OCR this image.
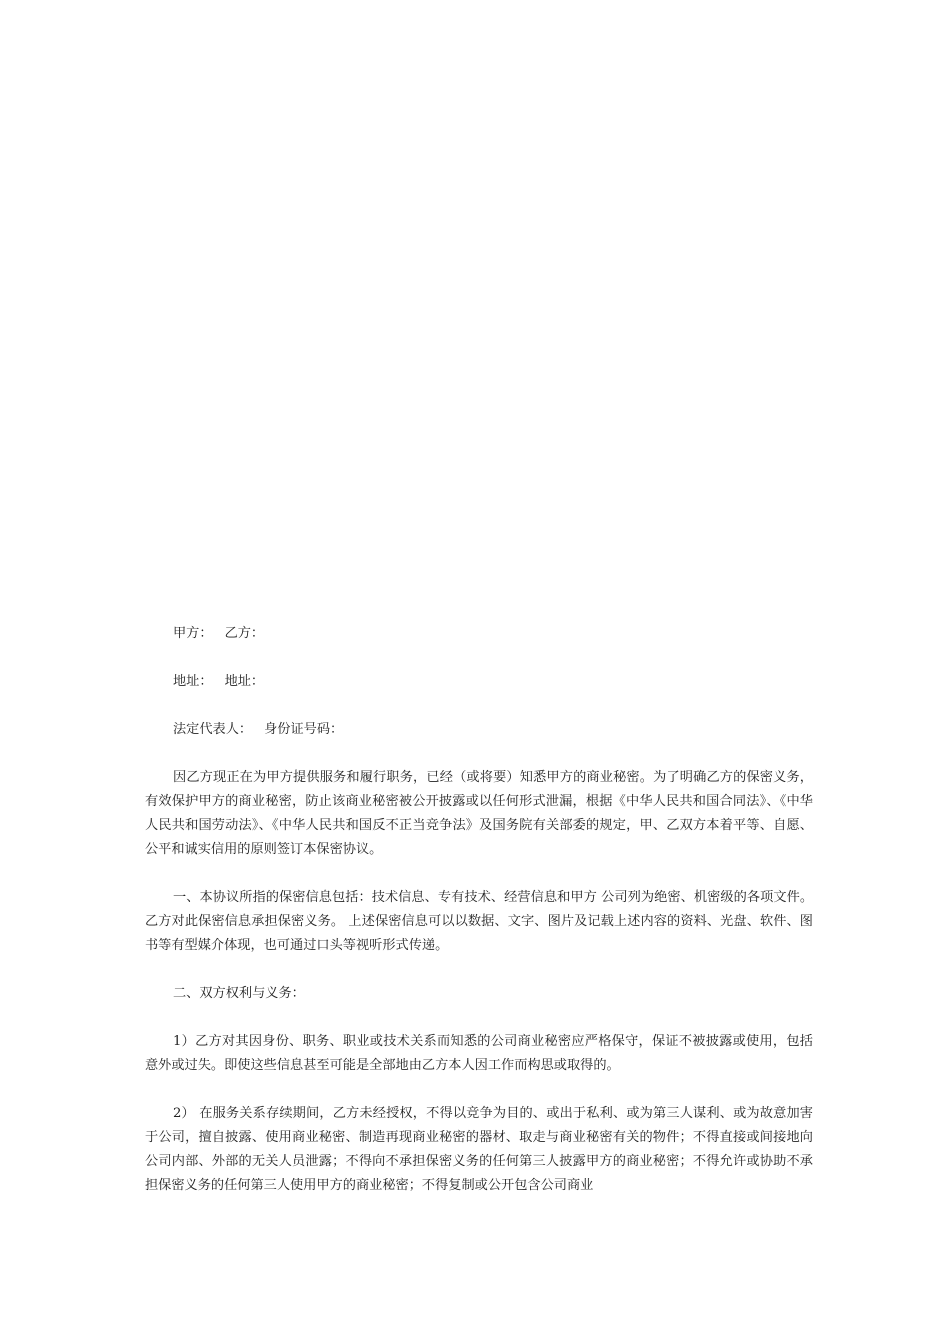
甲方： 乙方：

地址： 地址：

法定代表人： 身份证号码：

因乙方现正在为甲方提供服务和履行职务，已经（或将要）知悉甲方的商业秘密。为了明确乙方的保密义务，有效保护甲方的商业秘密，防止该商业秘密被公开披露或以任何形式泄漏，根据《中华人民共和国合同法》、《中华人民共和国劳动法》、《中华人民共和国反不正当竞争法》及国务院有关部委的规定，甲、乙双方本着平等、自愿、公平和诚实信用的原则签订本保密协议。

一、本协议所指的保密信息包括：技术信息、专有技术、经营信息和甲方 公司列为绝密、机密级的各项文件。乙方对此保密信息承担保密义务。 上述保密信息可以以数据、文字、图片及记载上述内容的资料、光盘、软件、图书等有型媒介体现，也可通过口头等视听形式传递。

二、双方权利与义务：

1）乙方对其因身份、职务、职业或技术关系而知悉的公司商业秘密应严格保守，保证不被披露或使用，包括意外或过失。即使这些信息甚至可能是全部地由乙方本人因工作而构思或取得的。

2） 在服务关系存续期间，乙方未经授权，不得以竞争为目的、或出于私利、或为第三人谋利、或为故意加害于公司，擅自披露、使用商业秘密、制造再现商业秘密的器材、取走与商业秘密有关的物件；不得直接或间接地向公司内部、外部的无关人员泄露；不得向不承担保密义务的任何第三人披露甲方的商业秘密；不得允许或协助不承担保密义务的任何第三人使用甲方的商业秘密；不得复制或公开包含公司商业
